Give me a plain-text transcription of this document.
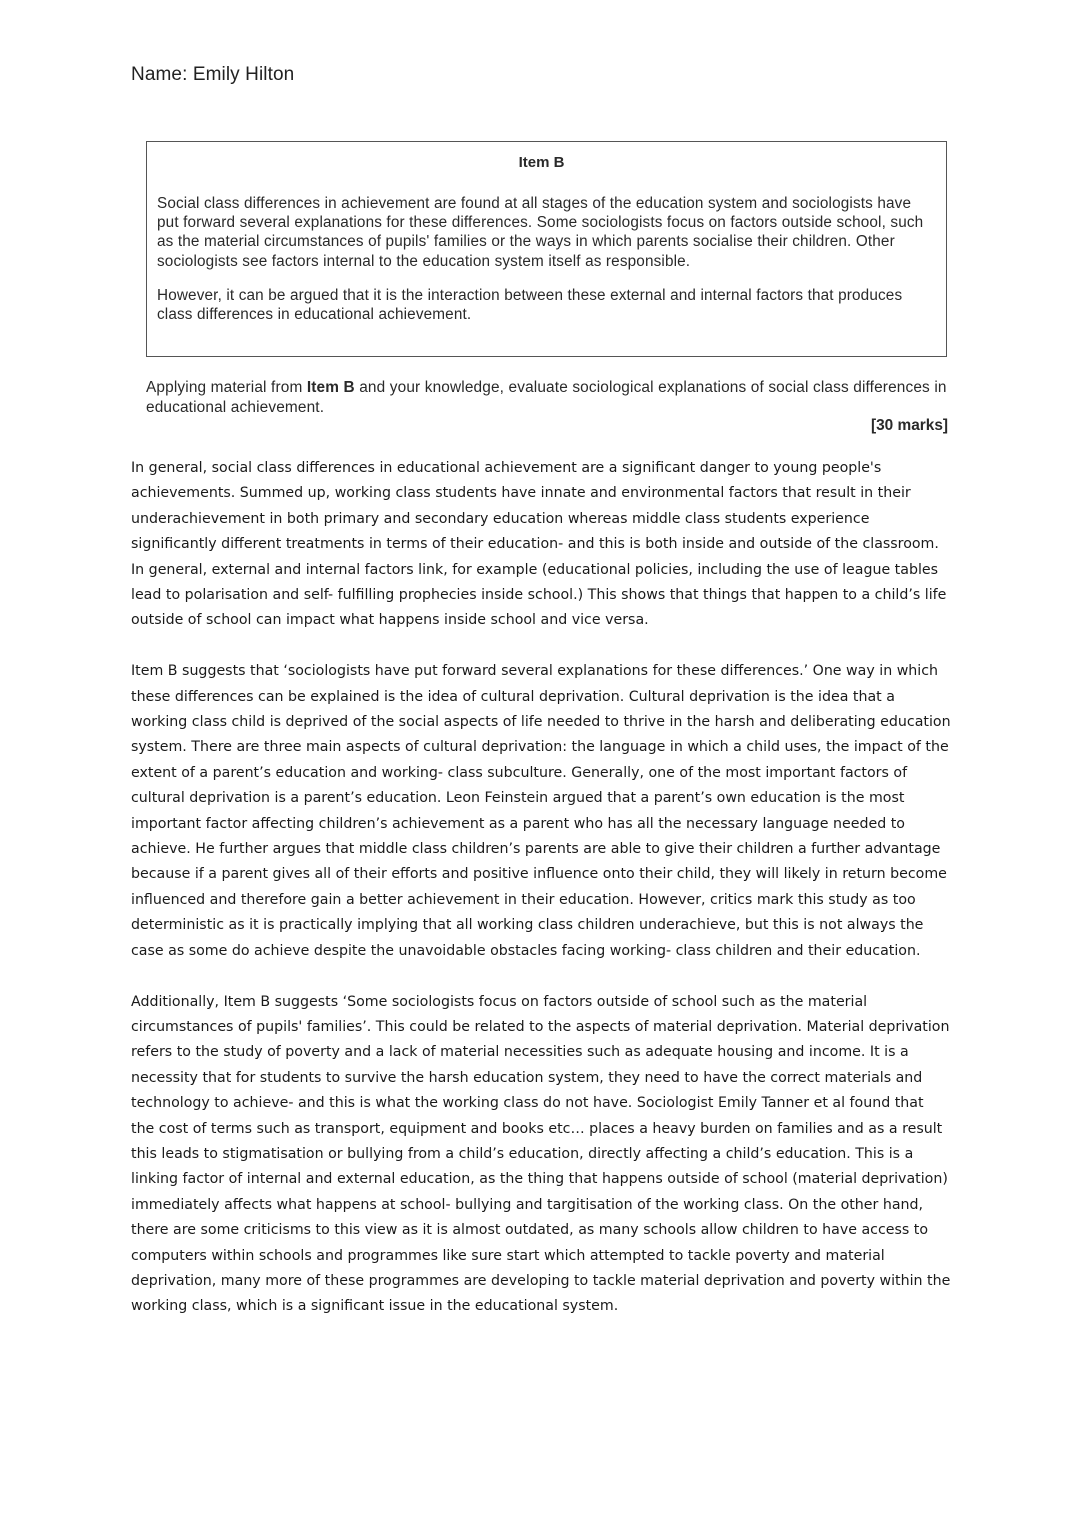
Name: Emily Hilton
Item B

Social class differences in achievement are found at all stages of the education system and sociologists have put forward several explanations for these differences. Some sociologists focus on factors outside school, such as the material circumstances of pupils' families or the ways in which parents socialise their children. Other sociologists see factors internal to the education system itself as responsible.

However, it can be argued that it is the interaction between these external and internal factors that produces class differences in educational achievement.

Applying material from Item B and your knowledge, evaluate sociological explanations of social class differences in educational achievement.
[30 marks]

In general, social class differences in educational achievement are a significant danger to young people's achievements. Summed up, working class students have innate and environmental factors that result in their underachievement in both primary and secondary education whereas middle class students experience significantly different treatments in terms of their education- and this is both inside and outside of the classroom. In general, external and internal factors link, for example (educational policies, including the use of league tables lead to polarisation and self- fulfilling prophecies inside school.) This shows that things that happen to a child’s life outside of school can impact what happens inside school and vice versa.

Item B suggests that ‘sociologists have put forward several explanations for these differences.’ One way in which these differences can be explained is the idea of cultural deprivation. Cultural deprivation is the idea that a working class child is deprived of the social aspects of life needed to thrive in the harsh and deliberating education system. There are three main aspects of cultural deprivation: the language in which a child uses, the impact of the extent of a parent’s education and working- class subculture. Generally, one of the most important factors of cultural deprivation is a parent’s education. Leon Feinstein argued that a parent’s own education is the most important factor affecting children’s achievement as a parent who has all the necessary language needed to achieve. He further argues that middle class children’s parents are able to give their children a further advantage because if a parent gives all of their efforts and positive influence onto their child, they will likely in return become influenced and therefore gain a better achievement in their education. However, critics mark this study as too deterministic as it is practically implying that all working class children underachieve, but this is not always the case as some do achieve despite the unavoidable obstacles facing working- class children and their education.

Additionally, Item B suggests ‘Some sociologists focus on factors outside of school such as the material circumstances of pupils' families’. This could be related to the aspects of material deprivation. Material deprivation refers to the study of poverty and a lack of material necessities such as adequate housing and income. It is a necessity that for students to survive the harsh education system, they need to have the correct materials and technology to achieve- and this is what the working class do not have. Sociologist Emily Tanner et al found that the cost of terms such as transport, equipment and books etc… places a heavy burden on families and as a result this leads to stigmatisation or bullying from a child’s education, directly affecting a child’s education. This is a linking factor of internal and external education, as the thing that happens outside of school (material deprivation) immediately affects what happens at school- bullying and targitisation of the working class. On the other hand, there are some criticisms to this view as it is almost outdated, as many schools allow children to have access to computers within schools and programmes like sure start which attempted to tackle poverty and material deprivation, many more of these programmes are developing to tackle material deprivation and poverty within the working class, which is a significant issue in the educational system.
